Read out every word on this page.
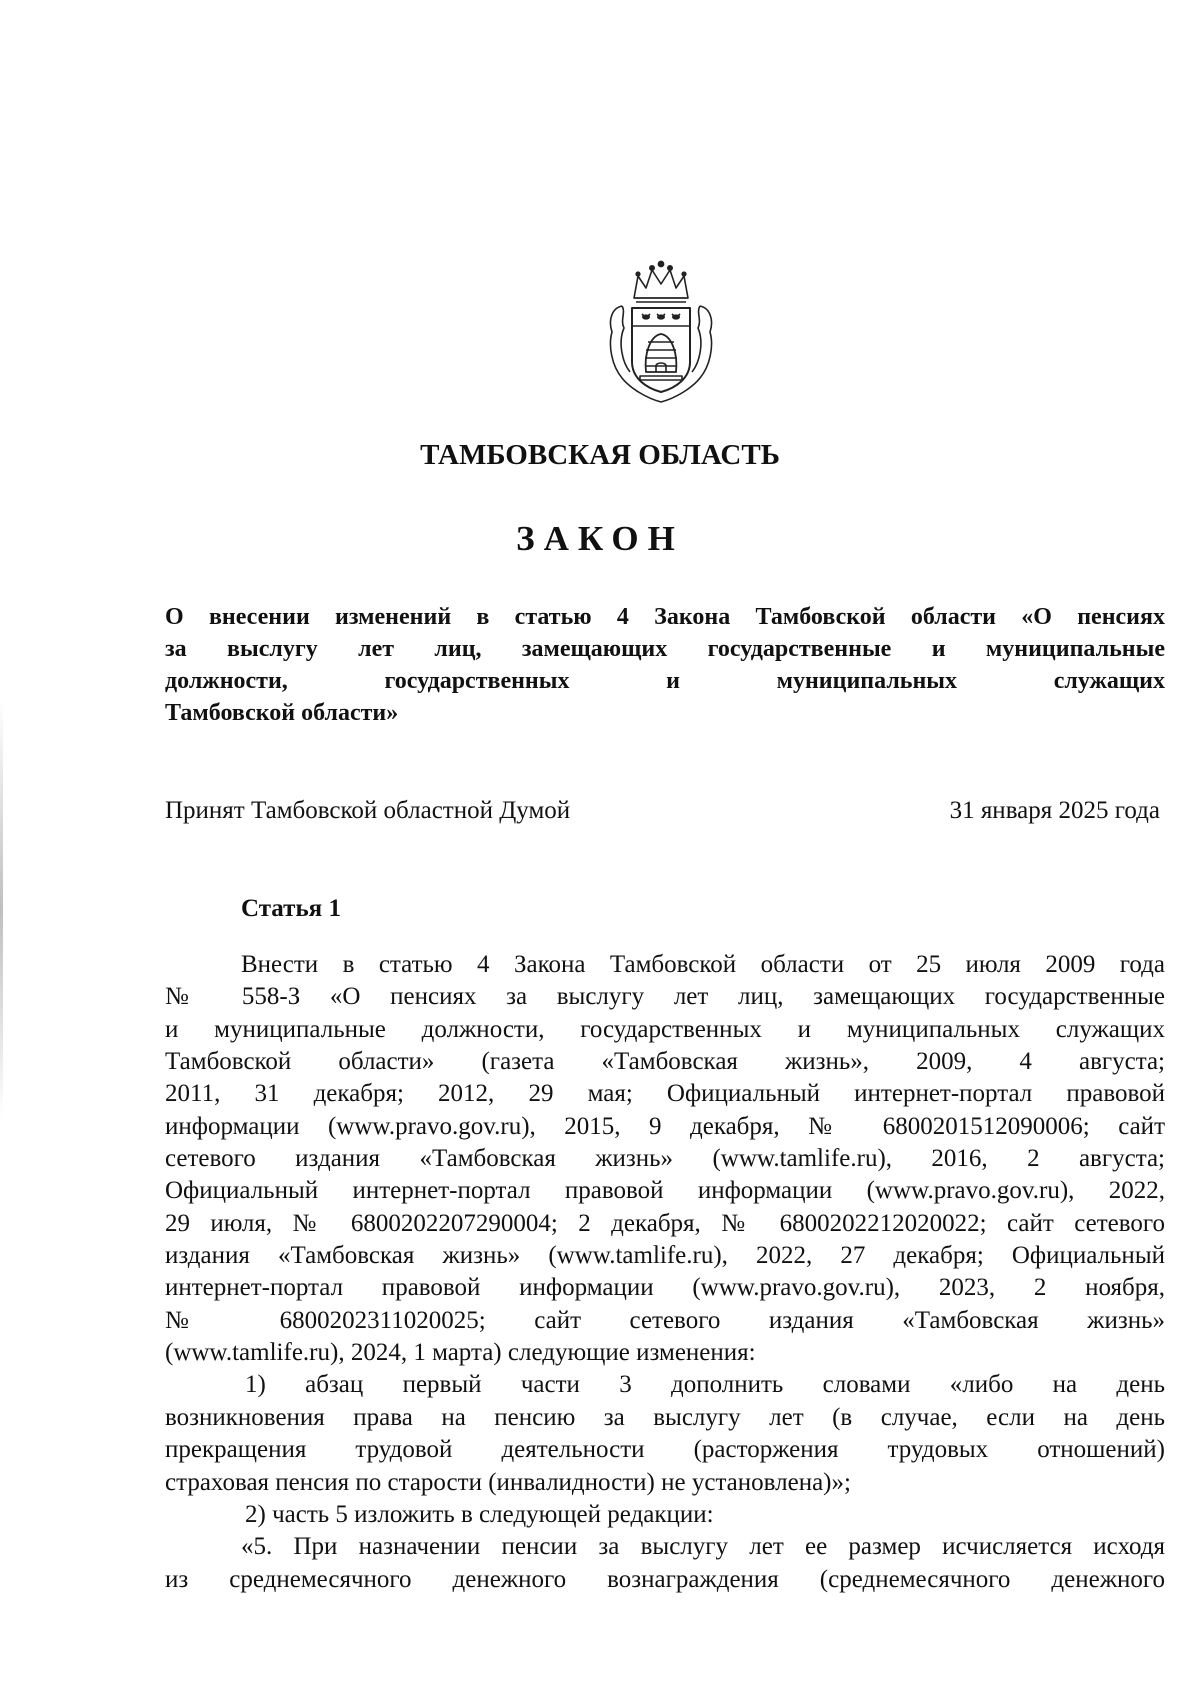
ТАМБОВСКАЯ ОБЛАСТЬ
ЗАКОН
О внесении изменений в статью 4 Закона Тамбовской области «О пенсиях
за выслугу лет лиц, замещающих государственные и муниципальные
должности, государственных и муниципальных служащих
Тамбовской области»
Принят Тамбовской областной Думой	31 января 2025 года
Статья 1
Внести в статью 4 Закона Тамбовской области от 25 июля 2009 года
№ 558-З «О пенсиях за выслугу лет лиц, замещающих государственные
и муниципальные должности, государственных и муниципальных служащих
Тамбовской области» (газета «Тамбовская жизнь», 2009, 4 августа;
2011, 31 декабря; 2012, 29 мая; Официальный интернет-портал правовой
информации (www.pravo.gov.ru), 2015, 9 декабря, № 6800201512090006; сайт
сетевого издания «Тамбовская жизнь» (www.tamlife.ru), 2016, 2 августа;
Официальный интернет-портал правовой информации (www.pravo.gov.ru), 2022,
29 июля, № 6800202207290004; 2 декабря, № 6800202212020022; сайт сетевого
издания «Тамбовская жизнь» (www.tamlife.ru), 2022, 27 декабря; Официальный
интернет-портал правовой информации (www.pravo.gov.ru), 2023, 2 ноября,
№ 6800202311020025; сайт сетевого издания «Тамбовская жизнь»
(www.tamlife.ru), 2024, 1 марта) следующие изменения:
1) абзац первый части 3 дополнить словами «либо на день
возникновения права на пенсию за выслугу лет (в случае, если на день
прекращения трудовой деятельности (расторжения трудовых отношений)
страховая пенсия по старости (инвалидности) не установлена)»;
2) часть 5 изложить в следующей редакции:
«5. При назначении пенсии за выслугу лет ее размер исчисляется исходя
из среднемесячного денежного вознаграждения (среднемесячного денежного
